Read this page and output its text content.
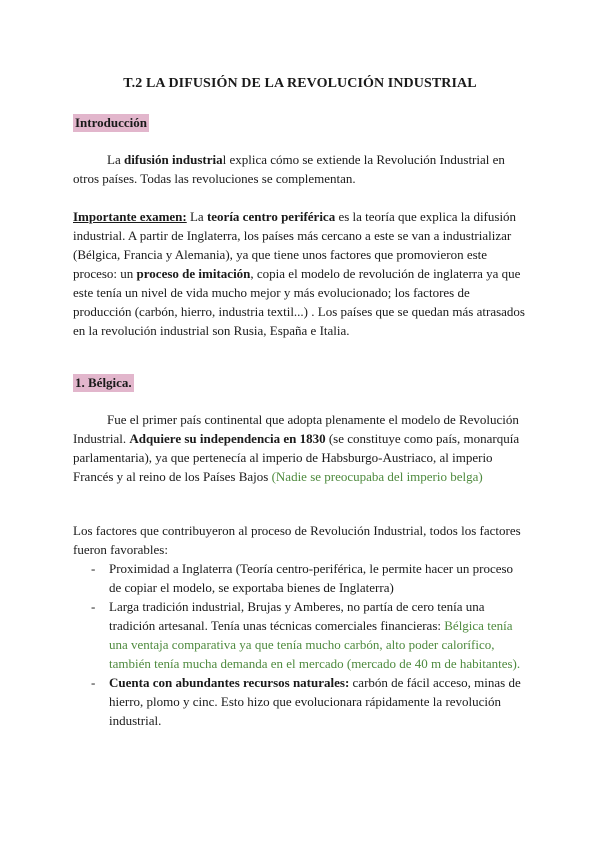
T.2 LA DIFUSIÓN DE LA REVOLUCIÓN INDUSTRIAL
Introducción
La difusión industrial explica cómo se extiende la Revolución Industrial en otros países. Todas las revoluciones se complementan.
Importante examen: La teoría centro periférica es la teoría que explica la difusión industrial. A partir de Inglaterra, los países más cercano a este se van a industrializar (Bélgica, Francia y Alemania), ya que tiene unos factores que promovieron este proceso: un proceso de imitación, copia el modelo de revolución de inglaterra ya que este tenía un nivel de vida mucho mejor y más evolucionado; los factores de producción (carbón, hierro, industria textil...) . Los países que se quedan más atrasados en la revolución industrial son Rusia, España e Italia.
1. Bélgica.
Fue el primer país continental que adopta plenamente el modelo de Revolución Industrial. Adquiere su independencia en 1830 (se constituye como país, monarquía parlamentaria), ya que pertenecía al imperio de Habsburgo-Austriaco, al imperio Francés y al reino de los Países Bajos (Nadie se preocupaba del imperio belga)
Los factores que contribuyeron al proceso de Revolución Industrial, todos los factores fueron favorables:
- Proximidad a Inglaterra (Teoría centro-periférica, le permite hacer un proceso de copiar el modelo, se exportaba bienes de Inglaterra)
- Larga tradición industrial, Brujas y Amberes, no partía de cero tenía una tradición artesanal. Tenía unas técnicas comerciales financieras: Bélgica tenía una ventaja comparativa ya que tenía mucho carbón, alto poder calorífico, también tenía mucha demanda en el mercado (mercado de 40 m de habitantes).
- Cuenta con abundantes recursos naturales: carbón de fácil acceso, minas de hierro, plomo y cinc. Esto hizo que evolucionara rápidamente la revolución industrial.
